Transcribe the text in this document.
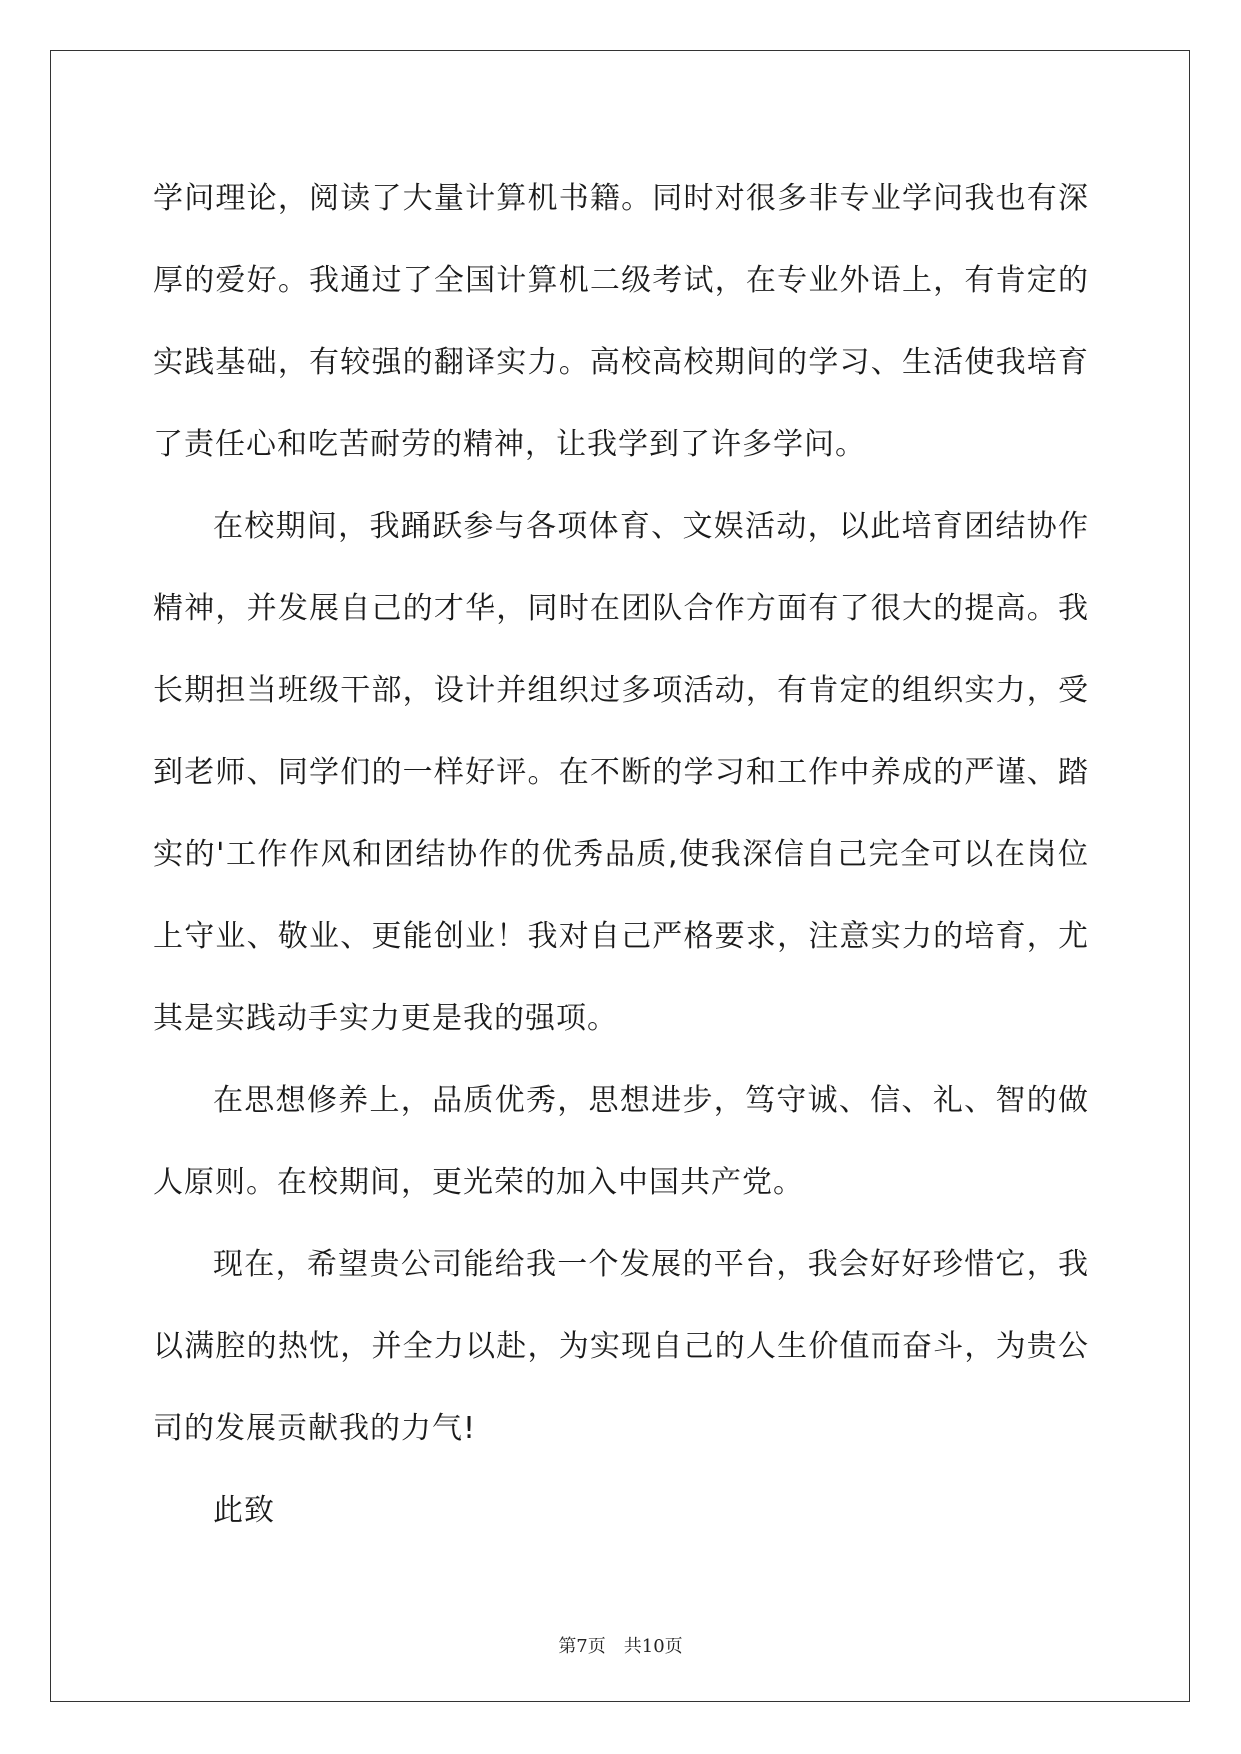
学问理论，阅读了大量计算机书籍。同时对很多非专业学问我也有深厚的爱好。我通过了全国计算机二级考试，在专业外语上，有肯定的实践基础，有较强的翻译实力。高校高校期间的学习、生活使我培育了责任心和吃苦耐劳的精神，让我学到了许多学问。

在校期间，我踊跃参与各项体育、文娱活动，以此培育团结协作精神，并发展自己的才华，同时在团队合作方面有了很大的提高。我长期担当班级干部，设计并组织过多项活动，有肯定的组织实力，受到老师、同学们的一样好评。在不断的学习和工作中养成的严谨、踏实的'工作作风和团结协作的优秀品质,使我深信自己完全可以在岗位上守业、敬业、更能创业！我对自己严格要求，注意实力的培育，尤其是实践动手实力更是我的强项。

在思想修养上，品质优秀，思想进步，笃守诚、信、礼、智的做人原则。在校期间，更光荣的加入中国共产党。

现在，希望贵公司能给我一个发展的平台，我会好好珍惜它，我以满腔的热忱，并全力以赴，为实现自己的人生价值而奋斗，为贵公司的发展贡献我的力气!

此致

第7页　共10页
